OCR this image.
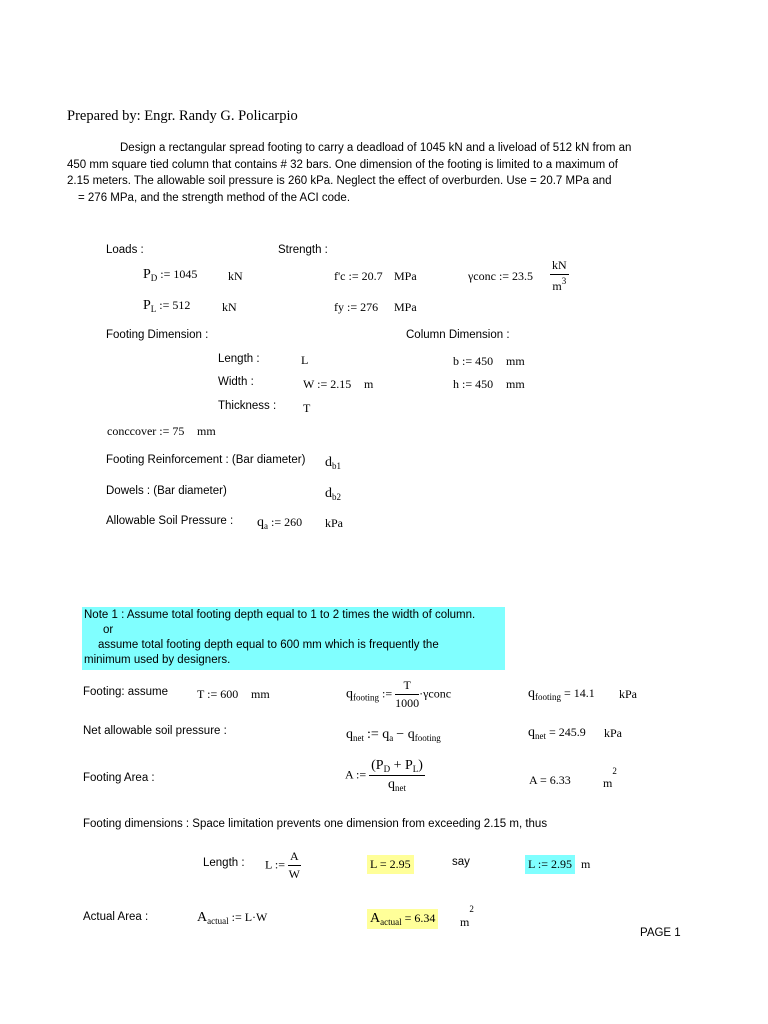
Prepared by: Engr. Randy G. Policarpio
Design a rectangular spread footing to carry a deadload of 1045 kN and a liveload of 512 kN from an
450 mm square tied column that contains # 32 bars. One dimension of the footing is limited to a maximum of
2.15 meters. The allowable soil pressure is 260 kPa. Neglect the effect of overburden. Use = 20.7 MPa and
= 276 MPa, and the strength method of the ACI code.
Loads :	Strength :
$P_D$ := 1045	kN
$P_L$ := 512	kN
f'c := 20.7 MPa
fy := 276 MPa
γconc := $23.5 \frac{kN}{m^3}$
Footing Dimension :	Column Dimension :
Length :	L	b := 450 mm
Width :	W := 2.15 m	h := 450 mm
Thickness : T
conccover := 75 mm
Footing Reinforcement : (Bar diameter) $d_{b1}$
Dowels : (Bar diameter)	$d_{b2}$
Allowable Soil Pressure : $q_a$ := 260 kPa
Note 1 : Assume total footing depth equal to 1 to 2 times the width of column.
or
assume total footing depth equal to 600 mm which is frequently the
minimum used by designers.
Footing: assume T := 600 mm	$q_{footing}$ := $\frac{T}{1000}$ ·γconc	$q_{footing} = 14.1$ kPa
Net allowable soil pressure :	$q_{net}$ := $q_a - q_{footing}$	$q_{net} = 245.9$ kPa
Footing Area :	A := $\frac{(P_D + P_L)}{q_{net}}$	A = 6.33	$m^2$
Footing dimensions : Space limitation prevents one dimension from exceeding 2.15 m, thus
Length : L := $\frac{A}{W}$	L = 2.95	say	L := 2.95 m
Actual Area :	$A_{actual}$ := L·W	$A_{actual} = 6.34$ $m^2$
PAGE 1
